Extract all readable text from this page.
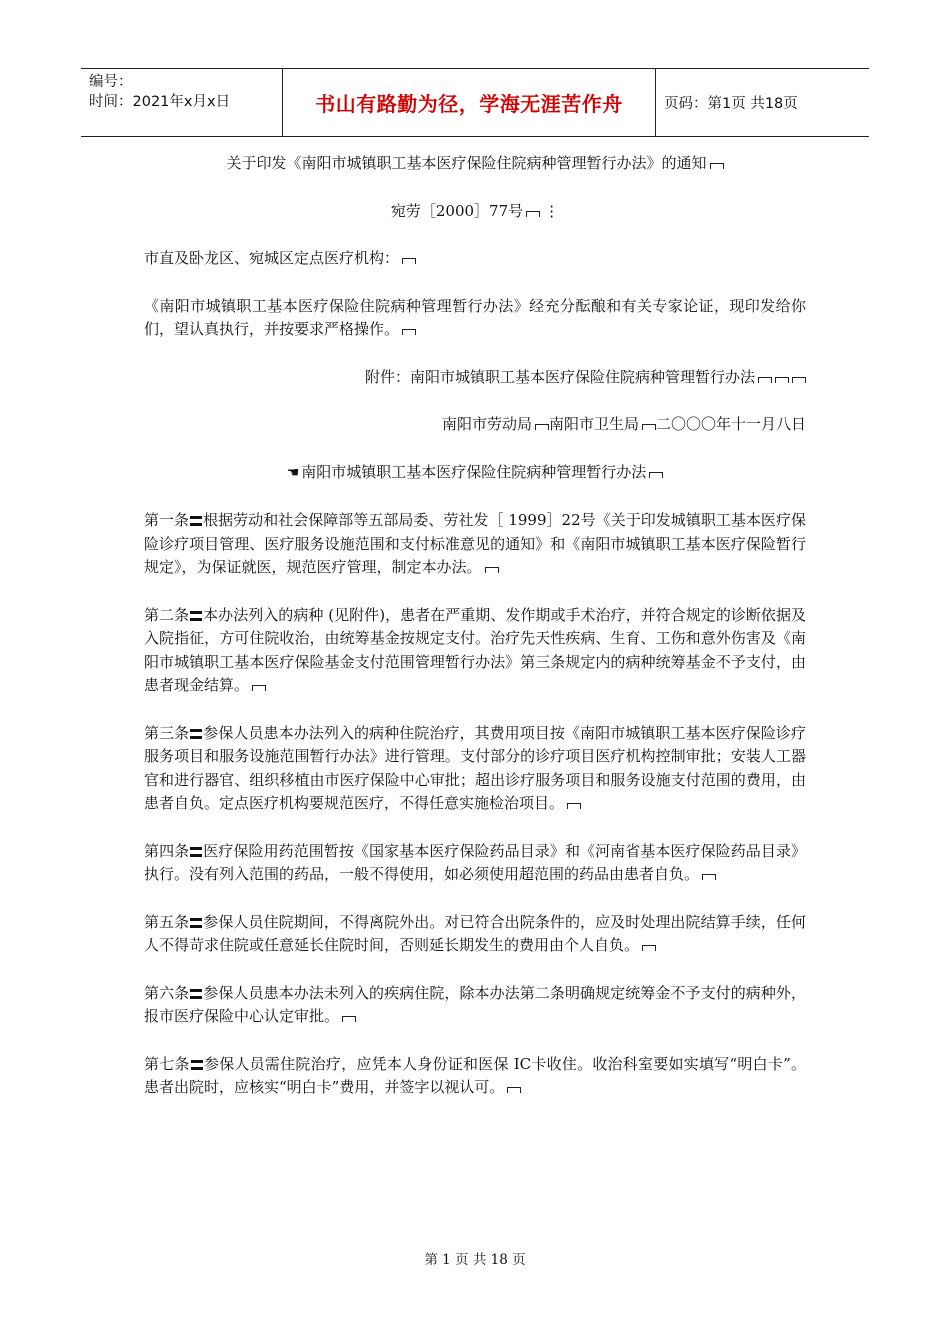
编号：
时间：2021年x月x日	书山有路勤为径，学海无涯苦作舟	页码：第1页 共18页

关于印发《南阳市城镇职工基本医疗保险住院病种管理暂行办法》的通知

宛劳［2000］77号 ⋮

市直及卧龙区、宛城区定点医疗机构：

《南阳市城镇职工基本医疗保险住院病种管理暂行办法》经充分酝酿和有关专家论证，现印发给你们，望认真执行，并按要求严格操作。

附件：南阳市城镇职工基本医疗保险住院病种管理暂行办法

南阳市劳动局 南阳市卫生局 二〇〇〇年十一月八日

☚ 南阳市城镇职工基本医疗保险住院病种管理暂行办法

第一条 根据劳动和社会保障部等五部局委、劳社发［ 1999］22号《关于印发城镇职工基本医疗保险诊疗项目管理、医疗服务设施范围和支付标准意见的通知》和《南阳市城镇职工基本医疗保险暂行规定》，为保证就医，规范医疗管理，制定本办法。

第二条 本办法列入的病种 (见附件)，患者在严重期、发作期或手术治疗，并符合规定的诊断依据及入院指征，方可住院收治，由统筹基金按规定支付。治疗先天性疾病、生育、工伤和意外伤害及《南阳市城镇职工基本医疗保险基金支付范围管理暂行办法》第三条规定内的病种统筹基金不予支付，由患者现金结算。

第三条 参保人员患本办法列入的病种住院治疗，其费用项目按《南阳市城镇职工基本医疗保险诊疗服务项目和服务设施范围暂行办法》进行管理。支付部分的诊疗项目医疗机构控制审批；安装人工器官和进行器官、组织移植由市医疗保险中心审批；超出诊疗服务项目和服务设施支付范围的费用，由患者自负。定点医疗机构要规范医疗，不得任意实施检治项目。

第四条 医疗保险用药范围暂按《国家基本医疗保险药品目录》和《河南省基本医疗保险药品目录》执行。没有列入范围的药品，一般不得使用，如必须使用超范围的药品由患者自负。

第五条 参保人员住院期间，不得离院外出。对已符合出院条件的，应及时处理出院结算手续，任何人不得苛求住院或任意延长住院时间，否则延长期发生的费用由个人自负。

第六条 参保人员患本办法未列入的疾病住院，除本办法第二条明确规定统筹金不予支付的病种外，报市医疗保险中心认定审批。

第七条 参保人员需住院治疗，应凭本人身份证和医保 IC卡收住。收治科室要如实填写“明白卡”。患者出院时，应核实“明白卡”费用，并签字以视认可。

第 1 页 共 18 页
